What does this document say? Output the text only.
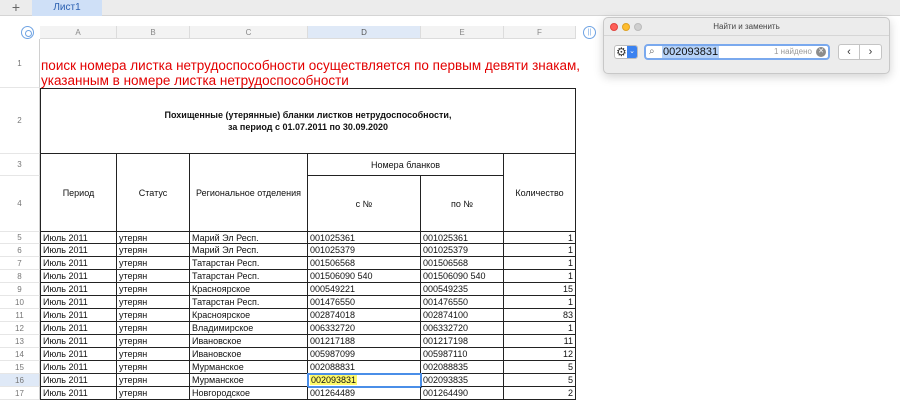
+	Лист1
A	B	C	D	E	F	||
поиск номера листка нетрудоспособности осуществляется по первым девяти знакам, указанным в номере листка нетрудоспособности
Похищенные (утерянные) бланки листков нетрудоспособности,
за период с 01.07.2011 по 30.09.2020
1
2
3
4
5
6
7
8
9
10
11
12
13
14
15
16
17
Период	Статус	Региональное отделения
Номера бланков
с №	по №
Количество
Июль 2011	утерян	Марий Эл Респ.	001025361	001025361	1
Июль 2011	утерян	Марий Эл Респ.	001025379	001025379	1
Июль 2011	утерян	Татарстан Респ.	001506568	001506568	1
Июль 2011	утерян	Татарстан Респ.	001506090 540	001506090 540	1
Июль 2011	утерян	Красноярское	000549221	000549235	15
Июль 2011	утерян	Татарстан Респ.	001476550	001476550	1
Июль 2011	утерян	Красноярское	002874018	002874100	83
Июль 2011	утерян	Владимирское	006332720	006332720	1
Июль 2011	утерян	Ивановское	001217188	001217198	11
Июль 2011	утерян	Ивановское	005987099	005987110	12
Июль 2011	утерян	Мурманское	002088831	002088835	5
Июль 2011	утерян	Мурманское	002093831	002093835	5
Июль 2011	утерян	Новгородское	001264489	001264490	2
Найти и заменить
⚙ ⌄ ⌕ 002093831	1 найдено ✕	‹	›
